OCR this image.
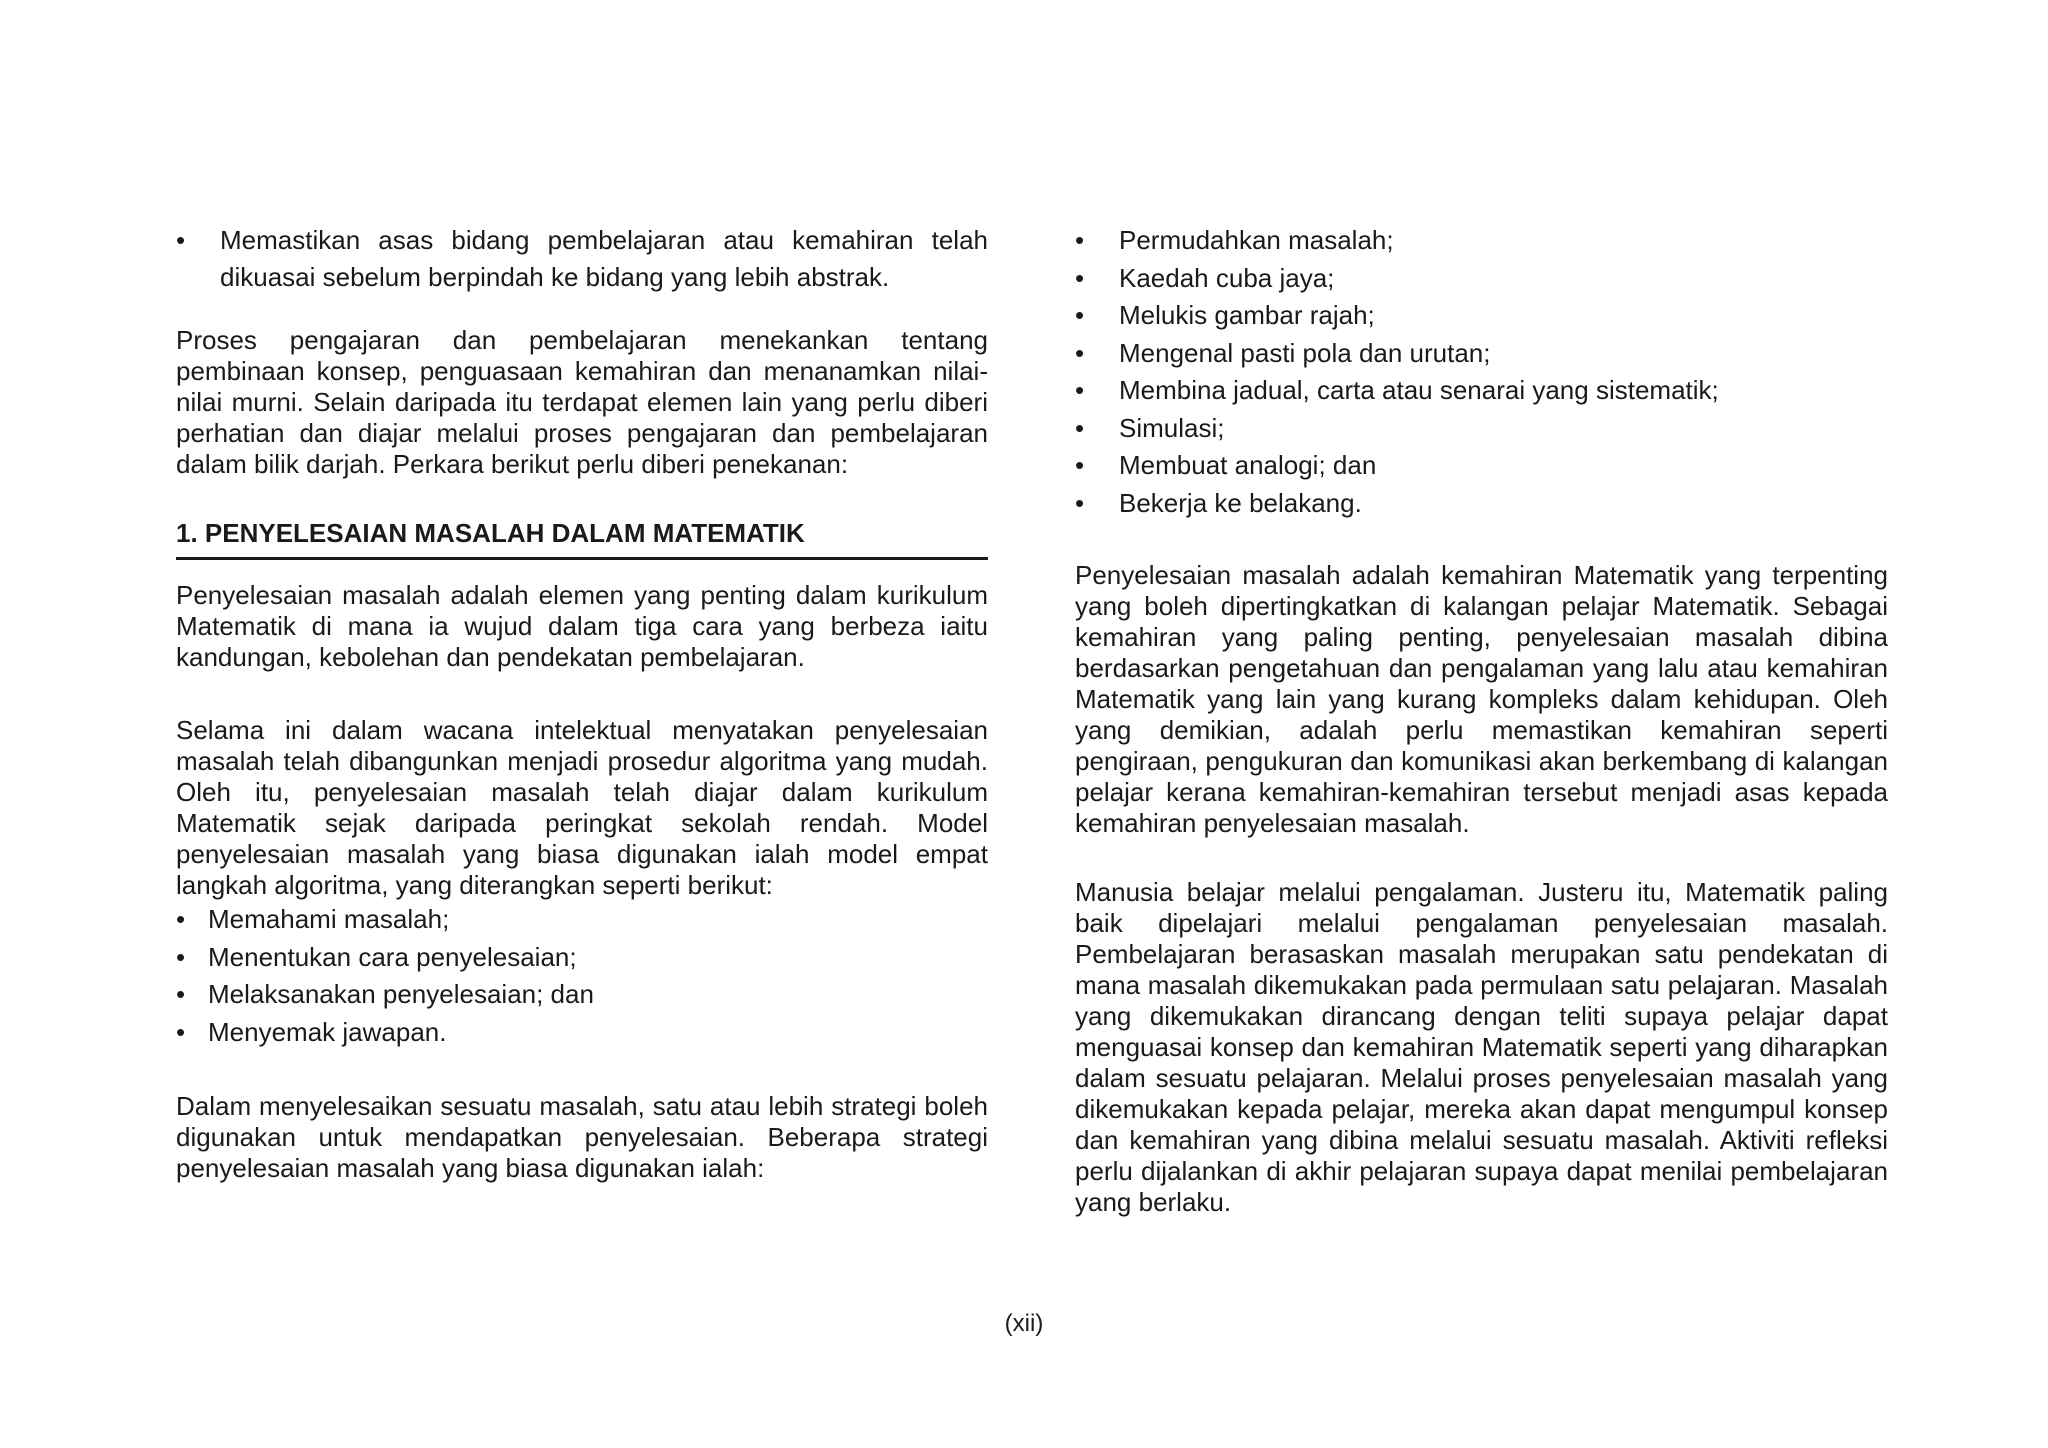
• Memastikan asas bidang pembelajaran atau kemahiran telah dikuasai sebelum berpindah ke bidang yang lebih abstrak.

Proses pengajaran dan pembelajaran menekankan tentang pembinaan konsep, penguasaan kemahiran dan menanamkan nilai-nilai murni. Selain daripada itu terdapat elemen lain yang perlu diberi perhatian dan diajar melalui proses pengajaran dan pembelajaran dalam bilik darjah. Perkara berikut perlu diberi penekanan:

1. PENYELESAIAN MASALAH DALAM MATEMATIK

Penyelesaian masalah adalah elemen yang penting dalam kurikulum Matematik di mana ia wujud dalam tiga cara yang berbeza iaitu kandungan, kebolehan dan pendekatan pembelajaran.

Selama ini dalam wacana intelektual menyatakan penyelesaian masalah telah dibangunkan menjadi prosedur algoritma yang mudah. Oleh itu, penyelesaian masalah telah diajar dalam kurikulum Matematik sejak daripada peringkat sekolah rendah. Model penyelesaian masalah yang biasa digunakan ialah model empat langkah algoritma, yang diterangkan seperti berikut:

• Memahami masalah;
• Menentukan cara penyelesaian;
• Melaksanakan penyelesaian; dan
• Menyemak jawapan.

Dalam menyelesaikan sesuatu masalah, satu atau lebih strategi boleh digunakan untuk mendapatkan penyelesaian. Beberapa strategi penyelesaian masalah yang biasa digunakan ialah:

• Permudahkan masalah;
• Kaedah cuba jaya;
• Melukis gambar rajah;
• Mengenal pasti pola dan urutan;
• Membina jadual, carta atau senarai yang sistematik;
• Simulasi;
• Membuat analogi; dan
• Bekerja ke belakang.

Penyelesaian masalah adalah kemahiran Matematik yang terpenting yang boleh dipertingkatkan di kalangan pelajar Matematik. Sebagai kemahiran yang paling penting, penyelesaian masalah dibina berdasarkan pengetahuan dan pengalaman yang lalu atau kemahiran Matematik yang lain yang kurang kompleks dalam kehidupan. Oleh yang demikian, adalah perlu memastikan kemahiran seperti pengiraan, pengukuran dan komunikasi akan berkembang di kalangan pelajar kerana kemahiran-kemahiran tersebut menjadi asas kepada kemahiran penyelesaian masalah.

Manusia belajar melalui pengalaman. Justeru itu, Matematik paling baik dipelajari melalui pengalaman penyelesaian masalah. Pembelajaran berasaskan masalah merupakan satu pendekatan di mana masalah dikemukakan pada permulaan satu pelajaran. Masalah yang dikemukakan dirancang dengan teliti supaya pelajar dapat menguasai konsep dan kemahiran Matematik seperti yang diharapkan dalam sesuatu pelajaran. Melalui proses penyelesaian masalah yang dikemukakan kepada pelajar, mereka akan dapat mengumpul konsep dan kemahiran yang dibina melalui sesuatu masalah. Aktiviti refleksi perlu dijalankan di akhir pelajaran supaya dapat menilai pembelajaran yang berlaku.

(xii)
